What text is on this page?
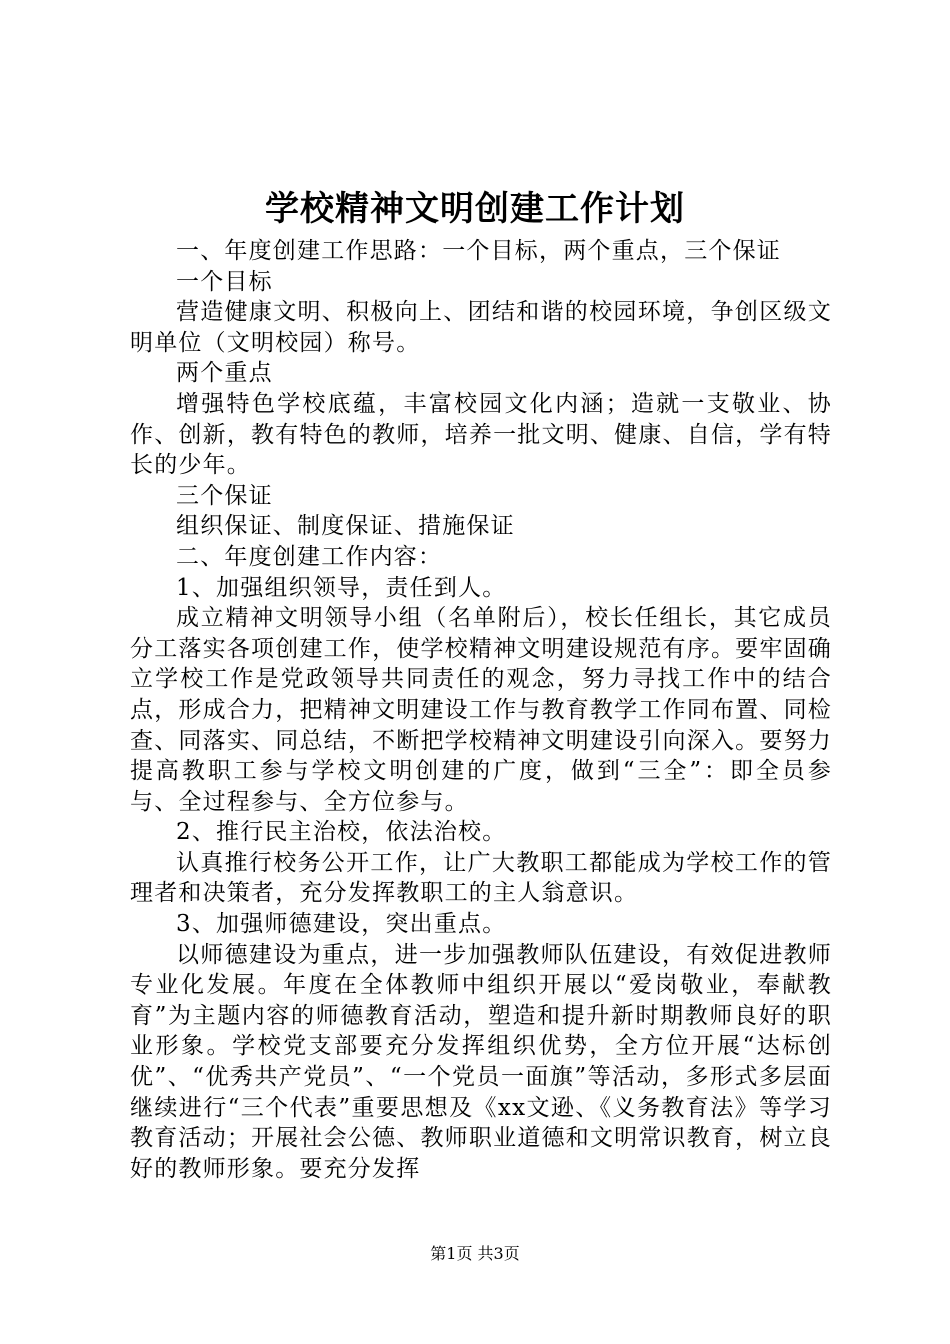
学校精神文明创建工作计划

一、年度创建工作思路：一个目标，两个重点，三个保证

一个目标

营造健康文明、积极向上、团结和谐的校园环境，争创区级文明单位（文明校园）称号。

两个重点

增强特色学校底蕴，丰富校园文化内涵；造就一支敬业、协作、创新，教有特色的教师，培养一批文明、健康、自信，学有特长的少年。

三个保证

组织保证、制度保证、措施保证

二、年度创建工作内容：

1、加强组织领导，责任到人。

成立精神文明领导小组（名单附后），校长任组长，其它成员分工落实各项创建工作，使学校精神文明建设规范有序。要牢固确立学校工作是党政领导共同责任的观念，努力寻找工作中的结合点，形成合力，把精神文明建设工作与教育教学工作同布置、同检查、同落实、同总结，不断把学校精神文明建设引向深入。要努力提高教职工参与学校文明创建的广度，做到“三全”：即全员参与、全过程参与、全方位参与。

2、推行民主治校，依法治校。

认真推行校务公开工作，让广大教职工都能成为学校工作的管理者和决策者，充分发挥教职工的主人翁意识。

3、加强师德建设，突出重点。

以师德建设为重点，进一步加强教师队伍建设，有效促进教师专业化发展。年度在全体教师中组织开展以“爱岗敬业，奉献教育”为主题内容的师德教育活动，塑造和提升新时期教师良好的职业形象。学校党支部要充分发挥组织优势，全方位开展“达标创优”、“优秀共产党员”、“一个党员一面旗”等活动，多形式多层面继续进行“三个代表”重要思想及《xx文逊、《义务教育法》等学习教育活动；开展社会公德、教师职业道德和文明常识教育，树立良好的教师形象。要充分发挥

第1页 共3页
